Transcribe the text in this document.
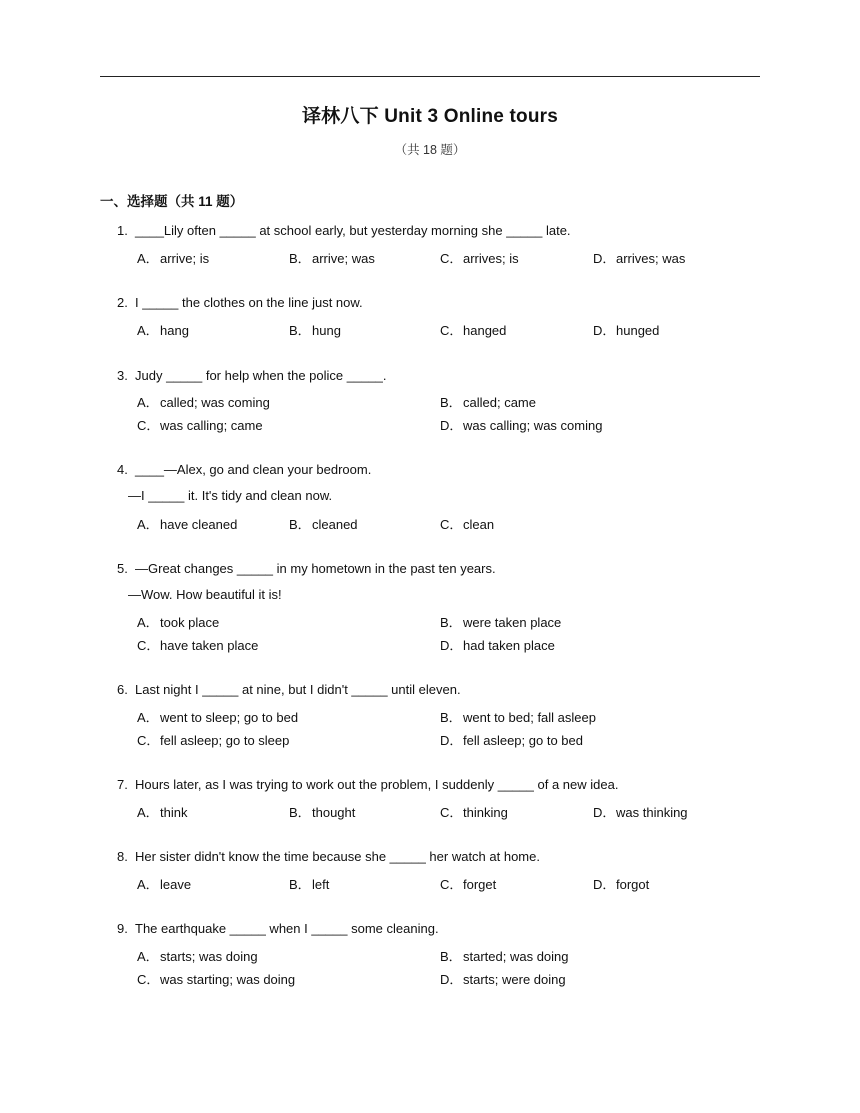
译林八下 Unit 3 Online tours
（共 18 题）
一、选择题（共 11 题）
1. ____Lily often _____ at school early, but yesterday morning she _____ late.
A．arrive; is	B．arrive; was	C．arrives; is	D．arrives; was
2. I _____ the clothes on the line just now.
A．hang	B．hung	C．hanged	D．hunged
3. Judy _____ for help when the police _____.
A．called; was coming	B．called; came
C．was calling; came	D．was calling; was coming
4. ____—Alex, go and clean your bedroom.
—I _____ it. It's tidy and clean now.
A．have cleaned	B．cleaned	C．clean
5. —Great changes _____ in my hometown in the past ten years.
—Wow. How beautiful it is!
A．took place	B．were taken place
C．have taken place	D．had taken place
6. Last night I _____ at nine, but I didn't _____ until eleven.
A．went to sleep; go to bed	B．went to bed; fall asleep
C．fell asleep; go to sleep	D．fell asleep; go to bed
7. Hours later, as I was trying to work out the problem, I suddenly _____ of a new idea.
A．think	B．thought	C．thinking	D．was thinking
8. Her sister didn't know the time because she _____ her watch at home.
A．leave	B．left	C．forget	D．forgot
9. The earthquake _____ when I _____ some cleaning.
A．starts; was doing	B．started; was doing
C．was starting; was doing	D．starts; were doing
